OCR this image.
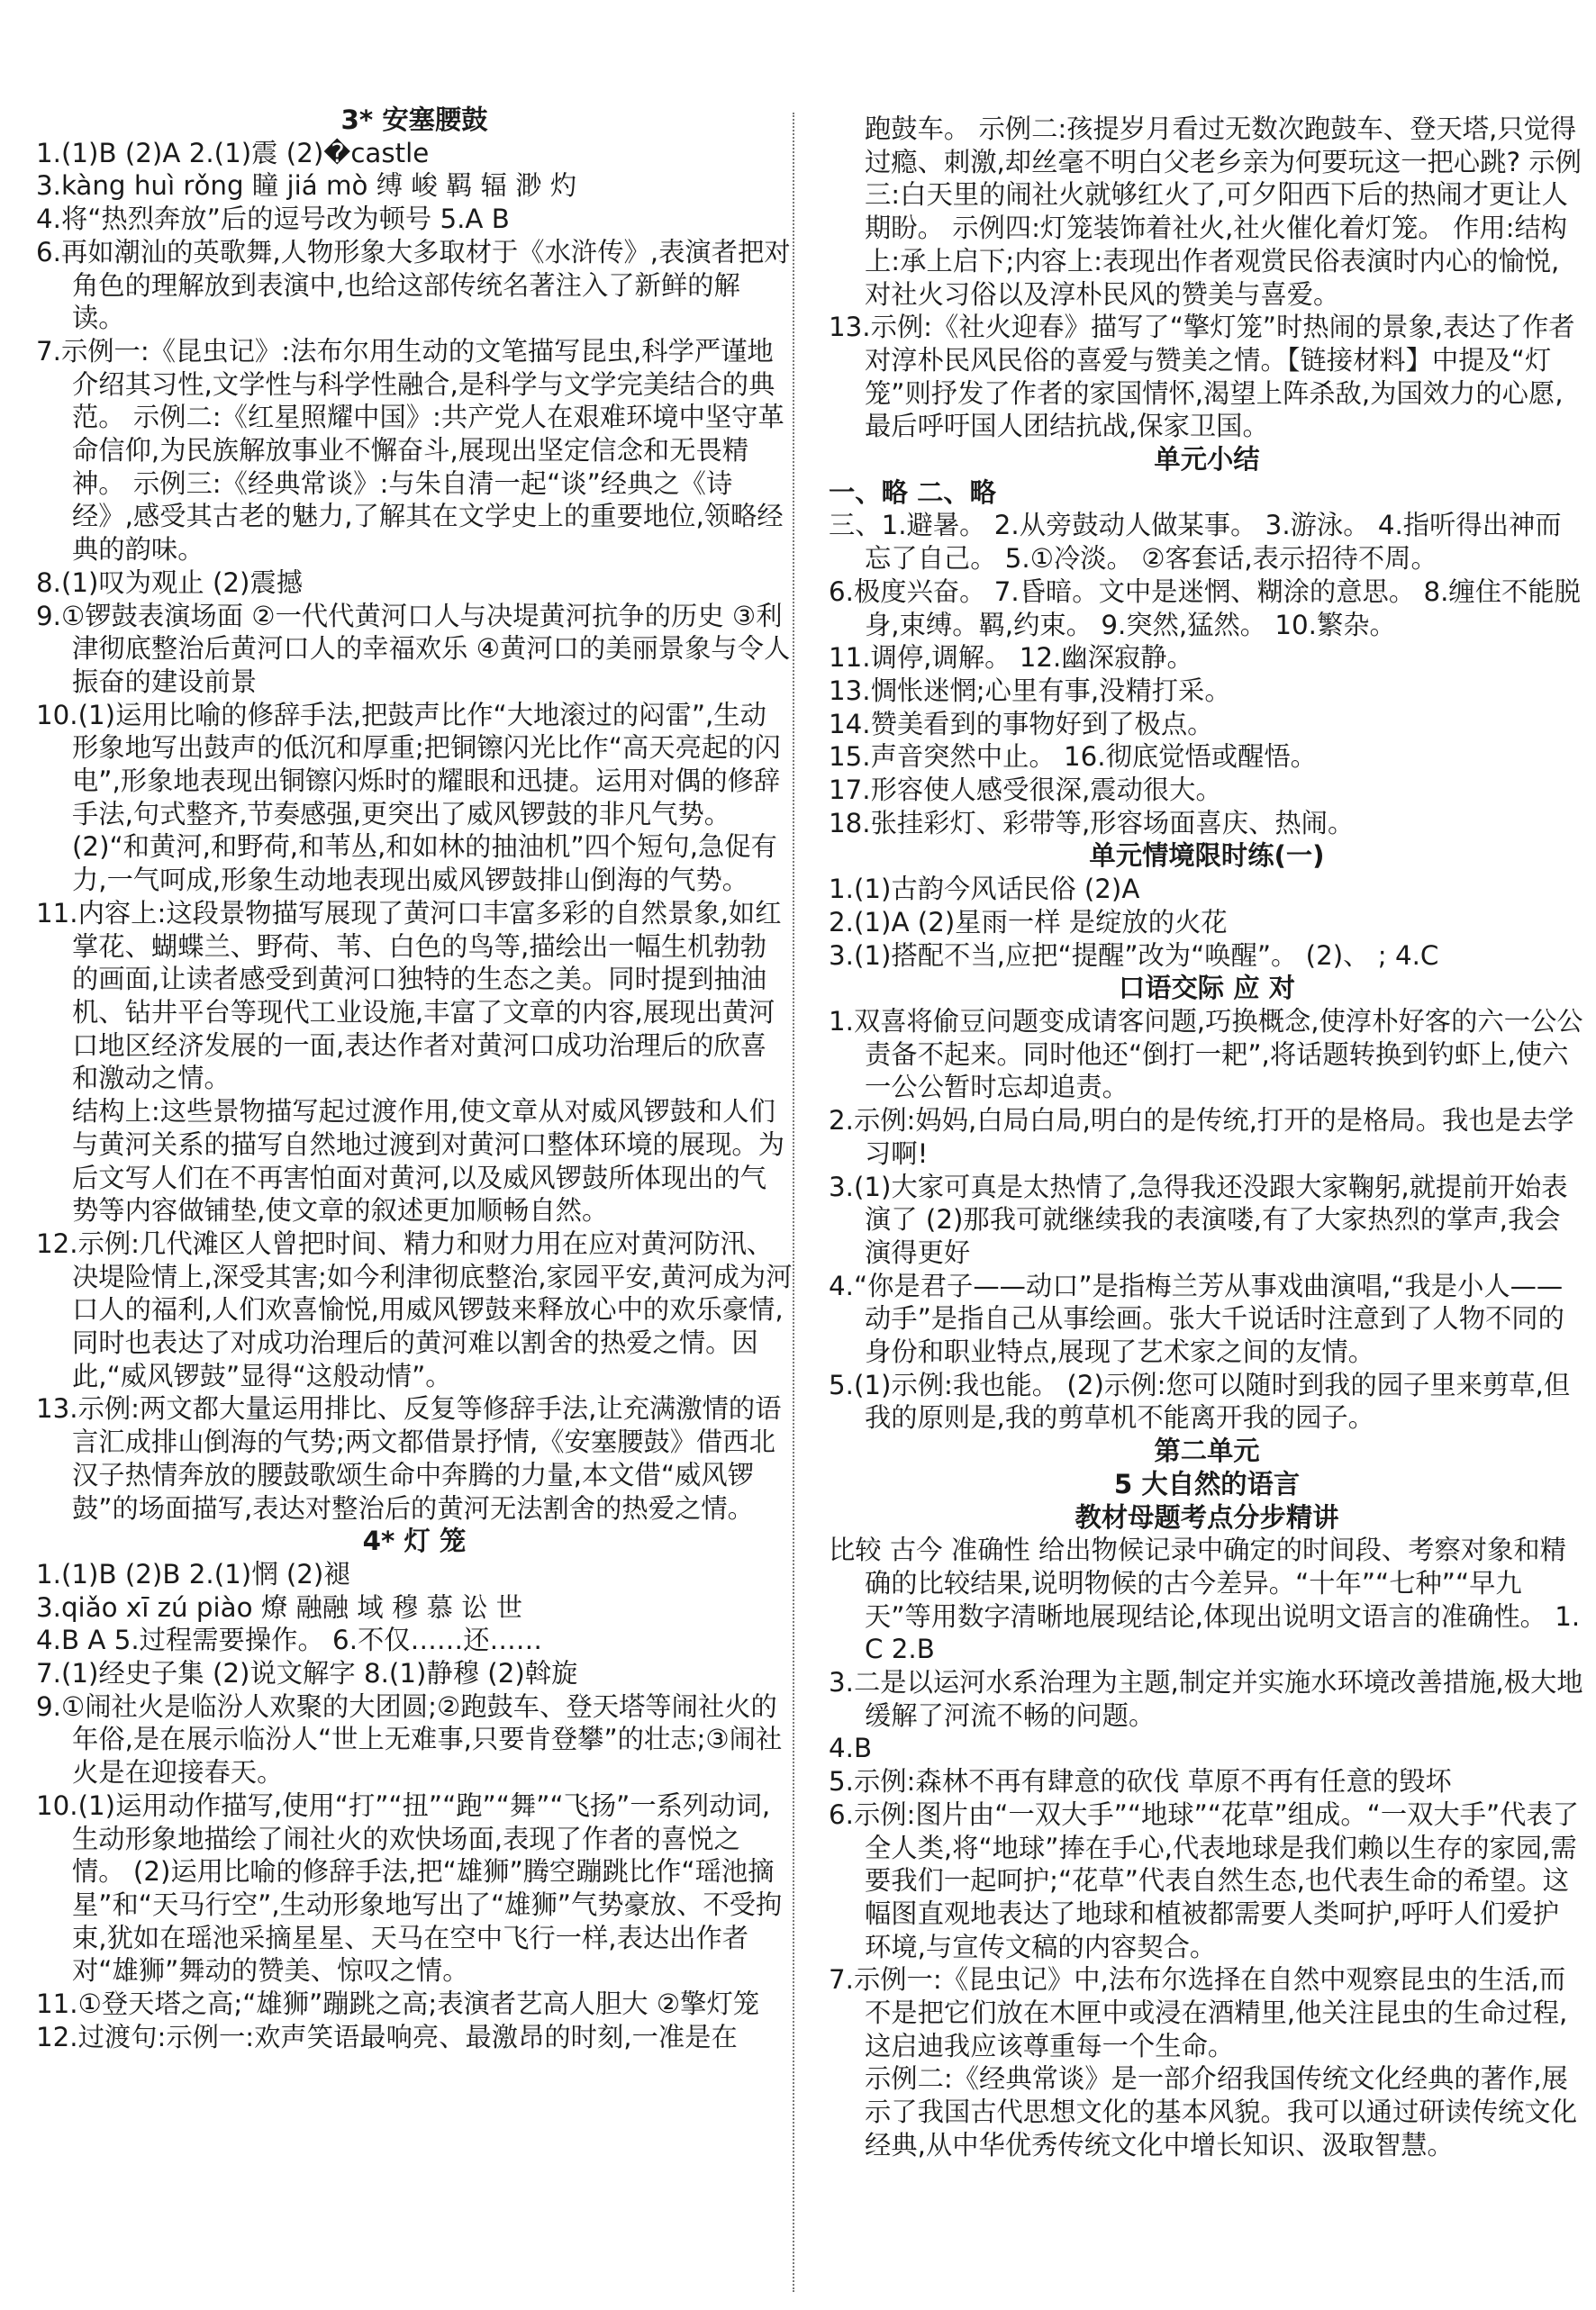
3* 安塞腰鼓
1.(1)B (2)A 2.(1)震 (2)�castle
3.kàng huì rǒng 瞳 jiá mò 缚 峻 羁 辐 渺 灼
4.将“热烈奔放”后的逗号改为顿号 5.A B
6.再如潮汕的英歌舞,人物形象大多取材于《水浒传》,表演者把对角色的理解放到表演中,也给这部传统名著注入了新鲜的解读。
7.示例一:《昆虫记》:法布尔用生动的文笔描写昆虫,科学严谨地介绍其习性,文学性与科学性融合,是科学与文学完美结合的典范。 示例二:《红星照耀中国》:共产党人在艰难环境中坚守革命信仰,为民族解放事业不懈奋斗,展现出坚定信念和无畏精神。 示例三:《经典常谈》:与朱自清一起“谈”经典之《诗经》,感受其古老的魅力,了解其在文学史上的重要地位,领略经典的韵味。
8.(1)叹为观止 (2)震撼
9.①锣鼓表演场面 ②一代代黄河口人与决堤黄河抗争的历史 ③利津彻底整治后黄河口人的幸福欢乐 ④黄河口的美丽景象与令人振奋的建设前景
10.(1)运用比喻的修辞手法,把鼓声比作“大地滚过的闷雷”,生动形象地写出鼓声的低沉和厚重;把铜镲闪光比作“高天亮起的闪电”,形象地表现出铜镲闪烁时的耀眼和迅捷。运用对偶的修辞手法,句式整齐,节奏感强,更突出了威风锣鼓的非凡气势。
(2)“和黄河,和野荷,和苇丛,和如林的抽油机”四个短句,急促有力,一气呵成,形象生动地表现出威风锣鼓排山倒海的气势。
11.内容上:这段景物描写展现了黄河口丰富多彩的自然景象,如红掌花、蝴蝶兰、野荷、苇、白色的鸟等,描绘出一幅生机勃勃的画面,让读者感受到黄河口独特的生态之美。同时提到抽油机、钻井平台等现代工业设施,丰富了文章的内容,展现出黄河口地区经济发展的一面,表达作者对黄河口成功治理后的欣喜和激动之情。
结构上:这些景物描写起过渡作用,使文章从对威风锣鼓和人们与黄河关系的描写自然地过渡到对黄河口整体环境的展现。为后文写人们在不再害怕面对黄河,以及威风锣鼓所体现出的气势等内容做铺垫,使文章的叙述更加顺畅自然。
12.示例:几代滩区人曾把时间、精力和财力用在应对黄河防汛、决堤险情上,深受其害;如今利津彻底整治,家园平安,黄河成为河口人的福利,人们欢喜愉悦,用威风锣鼓来释放心中的欢乐豪情,同时也表达了对成功治理后的黄河难以割舍的热爱之情。因此,“威风锣鼓”显得“这般动情”。
13.示例:两文都大量运用排比、反复等修辞手法,让充满激情的语言汇成排山倒海的气势;两文都借景抒情,《安塞腰鼓》借西北汉子热情奔放的腰鼓歌颂生命中奔腾的力量,本文借“威风锣鼓”的场面描写,表达对整治后的黄河无法割舍的热爱之情。
4* 灯 笼
1.(1)B (2)B 2.(1)惘 (2)褪
3.qiǎo xī zú piào 燎 融融 域 穆 慕 讼 世
4.B A 5.过程需要操作。 6.不仅……还……
7.(1)经史子集 (2)说文解字 8.(1)静穆 (2)斡旋
9.①闹社火是临汾人欢聚的大团圆;②跑鼓车、登天塔等闹社火的年俗,是在展示临汾人“世上无难事,只要肯登攀”的壮志;③闹社火是在迎接春天。
10.(1)运用动作描写,使用“打”“扭”“跑”“舞”“飞扬”一系列动词,生动形象地描绘了闹社火的欢快场面,表现了作者的喜悦之情。 (2)运用比喻的修辞手法,把“雄狮”腾空蹦跳比作“瑶池摘星”和“天马行空”,生动形象地写出了“雄狮”气势豪放、不受拘束,犹如在瑶池采摘星星、天马在空中飞行一样,表达出作者对“雄狮”舞动的赞美、惊叹之情。
11.①登天塔之高;“雄狮”蹦跳之高;表演者艺高人胆大 ②擎灯笼
12.过渡句:示例一:欢声笑语最响亮、最激昂的时刻,一准是在
跑鼓车。 示例二:孩提岁月看过无数次跑鼓车、登天塔,只觉得过瘾、刺激,却丝毫不明白父老乡亲为何要玩这一把心跳? 示例三:白天里的闹社火就够红火了,可夕阳西下后的热闹才更让人期盼。 示例四:灯笼装饰着社火,社火催化着灯笼。 作用:结构上:承上启下;内容上:表现出作者观赏民俗表演时内心的愉悦,对社火习俗以及淳朴民风的赞美与喜爱。
13.示例:《社火迎春》描写了“擎灯笼”时热闹的景象,表达了作者对淳朴民风民俗的喜爱与赞美之情。【链接材料】中提及“灯笼”则抒发了作者的家国情怀,渴望上阵杀敌,为国效力的心愿,最后呼吁国人团结抗战,保家卫国。
单元小结
一、略 二、略
三、1.避暑。 2.从旁鼓动人做某事。 3.游泳。 4.指听得出神而忘了自己。 5.①冷淡。 ②客套话,表示招待不周。
6.极度兴奋。 7.昏暗。文中是迷惘、糊涂的意思。 8.缠住不能脱身,束缚。羁,约束。 9.突然,猛然。 10.繁杂。
11.调停,调解。 12.幽深寂静。
13.惆怅迷惘;心里有事,没精打采。
14.赞美看到的事物好到了极点。
15.声音突然中止。 16.彻底觉悟或醒悟。
17.形容使人感受很深,震动很大。
18.张挂彩灯、彩带等,形容场面喜庆、热闹。
单元情境限时练(一)
1.(1)古韵今风话民俗 (2)A
2.(1)A (2)星雨一样 是绽放的火花
3.(1)搭配不当,应把“提醒”改为“唤醒”。 (2)、 ; 4.C
口语交际 应 对
1.双喜将偷豆问题变成请客问题,巧换概念,使淳朴好客的六一公公责备不起来。同时他还“倒打一耙”,将话题转换到钓虾上,使六一公公暂时忘却追责。
2.示例:妈妈,白局白局,明白的是传统,打开的是格局。我也是去学习啊!
3.(1)大家可真是太热情了,急得我还没跟大家鞠躬,就提前开始表演了 (2)那我可就继续我的表演喽,有了大家热烈的掌声,我会演得更好
4.“你是君子——动口”是指梅兰芳从事戏曲演唱,“我是小人——动手”是指自己从事绘画。张大千说话时注意到了人物不同的身份和职业特点,展现了艺术家之间的友情。
5.(1)示例:我也能。 (2)示例:您可以随时到我的园子里来剪草,但我的原则是,我的剪草机不能离开我的园子。
第二单元
5 大自然的语言
教材母题考点分步精讲
比较 古今 准确性 给出物候记录中确定的时间段、考察对象和精确的比较结果,说明物候的古今差异。“十年”“七种”“早九天”等用数字清晰地展现结论,体现出说明文语言的准确性。 1.C 2.B
3.二是以运河水系治理为主题,制定并实施水环境改善措施,极大地缓解了河流不畅的问题。
4.B
5.示例:森林不再有肆意的砍伐 草原不再有任意的毁坏
6.示例:图片由“一双大手”“地球”“花草”组成。“一双大手”代表了全人类,将“地球”捧在手心,代表地球是我们赖以生存的家园,需要我们一起呵护;“花草”代表自然生态,也代表生命的希望。这幅图直观地表达了地球和植被都需要人类呵护,呼吁人们爱护环境,与宣传文稿的内容契合。
7.示例一:《昆虫记》中,法布尔选择在自然中观察昆虫的生活,而不是把它们放在木匣中或浸在酒精里,他关注昆虫的生命过程,这启迪我应该尊重每一个生命。
示例二:《经典常谈》是一部介绍我国传统文化经典的著作,展示了我国古代思想文化的基本风貌。我可以通过研读传统文化经典,从中华优秀传统文化中增长知识、汲取智慧。
